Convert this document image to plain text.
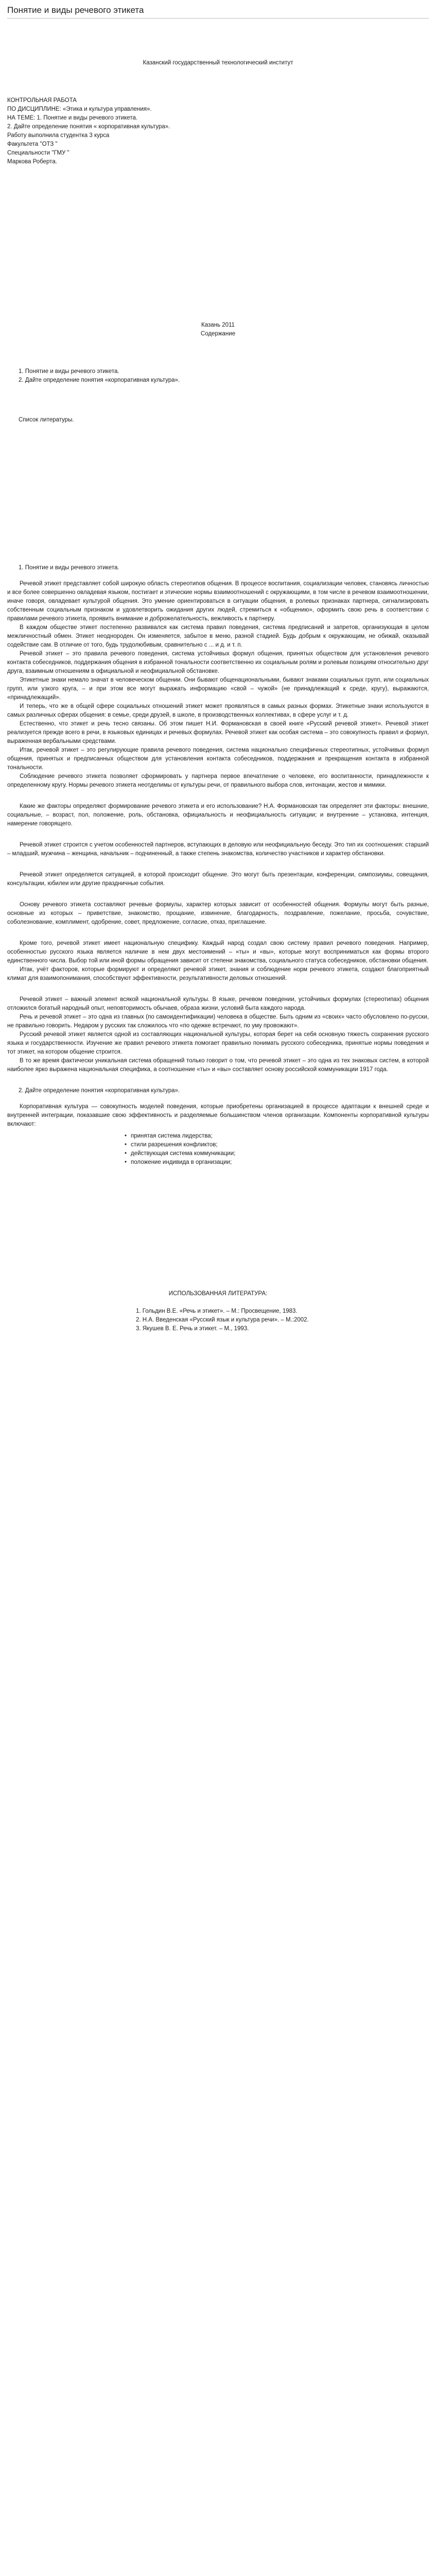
Понятие и виды речевого этикета

Казанский государственный технологический институт

КОНТРОЛЬНАЯ РАБОТА

ПО ДИСЦИПЛИНЕ: «Этика и культура управления».

НА ТЕМЕ: 1. Понятие и виды речевого этикета.

2. Дайте определение понятия « корпоративная культура».

Работу выполнила студентка 3 курса

Факультета "ОТЗ "

Специальности "ГМУ "

Маркова Роберта.

Казань 2011

Содержание

1. Понятие и виды речевого этикета.

2. Дайте определение понятия «корпоративная культура».

Список литературы.

1. Понятие и виды речевого этикета.

Речевой этикет представляет собой широкую область стереотипов общения. В процессе воспитания, социализации человек, становясь личностью и все более совершенно овладевая языком, постигает и этическиe нормы взаимоотношений с окружающими, в том числе в речевом взаимоотношении, иначе говоря, овладевает культурой общения. Это умение ориентироваться в ситуации общения, в ролевых признаках партнера, сигнализировать собственным социальным признаком и удовлетворить ожидания других людей, стремиться к «общению», оформить свою речь в соответствии с правилами речевого этикета, проявить внимание и доброжелательность, вежливость к партнеру.

В каждом обществе этикет постепенно развивался как система правил поведения, система предписаний и запретов, организующая в целом межличностный обмен. Этикет неоднороден. Он изменяется, забытое в меню, разной стадией. Будь добрым к окружающим, не обижай, оказывай содействие сам. В отличие от того, будь трудолюбивым, сравнительно с ... и д. и т. п.

Речевой этикет – это правила речевого поведения, система устойчивых формул общения, принятых обществом для установления речевого контакта собеседников, поддержания общения в избранной тональности соответственно их социальным ролям и ролевым позициям относительно друг друга, взаимным отношениям в официальной и неофициальной обстановке.

Этикетные знаки немало значат в человеческом общении. Они бывают общенациональными, бывают знаками социальных групп, или социальных групп, или узкого круга, – и при этом все могут выражать информацию «свой – чужой» (не принадлежащий к среде, кругу), выражаются, «принадлежащий».

И теперь, что же в общей сфере социальных отношений этикет может проявляться в самых разных формах. Этикетные знаки используются в самых различных сферах общения: в семье, среди друзей, в школе, в производственных коллективах, в сфере услуг и т. д.

Естественно, что этикет и речь тесно связаны. Об этом пишет Н.И. Формановская в своей книге «Русский речевой этикет». Речевой этикет реализуется прежде всего в речи, в языковых единицах и речевых формулах. Речевой этикет как особая система – это совокупность правил и формул, выраженная вербальными средствами.

Итак, речевой этикет – это регулирующие правила речевого поведения, система национально специфичных стереотипных, устойчивых формул общения, принятых и предписанных обществом для установления контакта собеседников, поддержания и прекращения контакта в избранной тональности.

Соблюдение речевого этикета позволяет сформировать у партнера первое впечатление о человеке, его воспитанности, принадлежности к определенному кругу. Нормы речевого этикета неотделимы от культуры речи, от правильного выбора слов, интонации, жестов и мимики.

Какие же факторы определяют формирование речевого этикета и его использование? Н.А. Формановская так определяет эти факторы: внешние, социальные, – возраст, пол, положение, роль, обстановка, официальность и неофициальность ситуации; и внутренние – установка, интенция, намерение говорящего.

Речевой этикет строится с учетом особенностей партнеров, вступающих в деловую или неофициальную беседу. Это тип их соотношения: старший – младший, мужчина – женщина, начальник – подчиненный, а также степень знакомства, количество участников и характер обстановки.

Речевой этикет определяется ситуацией, в которой происходит общение. Это могут быть презентации, конференции, симпозиумы, совещания, консультации, юбилеи или другие праздничные события.

Основу речевого этикета составляют речевые формулы, характер которых зависит от особенностей общения. Формулы могут быть разные, основные из которых – приветствие, знакомство, прощание, извинение, благодарность, поздравление, пожелание, просьба, сочувствие, соболезнование, комплимент, одобрение, совет, предложение, согласие, отказ, приглашение.

Кроме того, речевой этикет имеет национальную специфику. Каждый народ создал свою систему правил речевого поведения. Например, особенностью русского языка является наличие в нем двух местоимений – «ты» и «вы», которые могут восприниматься как формы второго единственного числа. Выбор той или иной формы обращения зависит от степени знакомства, социального статуса собеседников, обстановки общения.

Итак, учёт факторов, которые формируют и определяют речевой этикет, знания и соблюдение норм речевого этикета, создают благоприятный климат для взаимопонимания, способствуют эффективности, результативности деловых отношений.

Речевой этикет – важный элемент всякой национальной культуры. В языке, речевом поведении, устойчивых формулах (стереотипах) общения отложился богатый народный опыт, неповторимость обычаев, образа жизни, условий быта каждого народа.

Речь и речевой этикет – это одна из главных (по самоидентификации) человека в обществе. Быть одним из «своих» часто обусловлено по-русски, не правильно говорить. Недаром у русских так сложилось что «по одежке встречают, по уму провожают».

Русский речевой этикет является одной из составляющих национальной культуры, которая берет на себя основную тяжесть сохранения русского языка и государственности. Изучение же правил речевого этикета помогает правильно понимать русского собеседника, принятые нормы поведения и тот этикет, на котором общение строится.

В то же время фактически уникальная система обращений только говорит о том, что речевой этикет – это одна из тех знаковых систем, в которой наиболее ярко выражена национальная специфика, а соотношение «ты» и «вы» составляет основу российской коммуникации 1917 года.

2. Дайте определение понятия «корпоративная культура».

Корпоративная культура — совокупность моделей поведения, которые приобретены организацией в процессе адаптации к внешней среде и внутренней интеграции, показавшие свою эффективность и разделяемые большинством членов организации. Компоненты корпоративной культуры включают:

• принятая система лидерства;
• стили разрешения конфликтов;
• действующая система коммуникации;
• положение индивида в организации;

ИСПОЛЬЗОВАННАЯ ЛИТЕРАТУРА:

1. Гольдин В.Е. «Речь и этикет». – М.: Просвещение, 1983.
2. Н.А. Введенская «Русский язык и культура речи». – М.:2002.
3. Якушев В. Е. Речь и этикет. – М., 1993.
